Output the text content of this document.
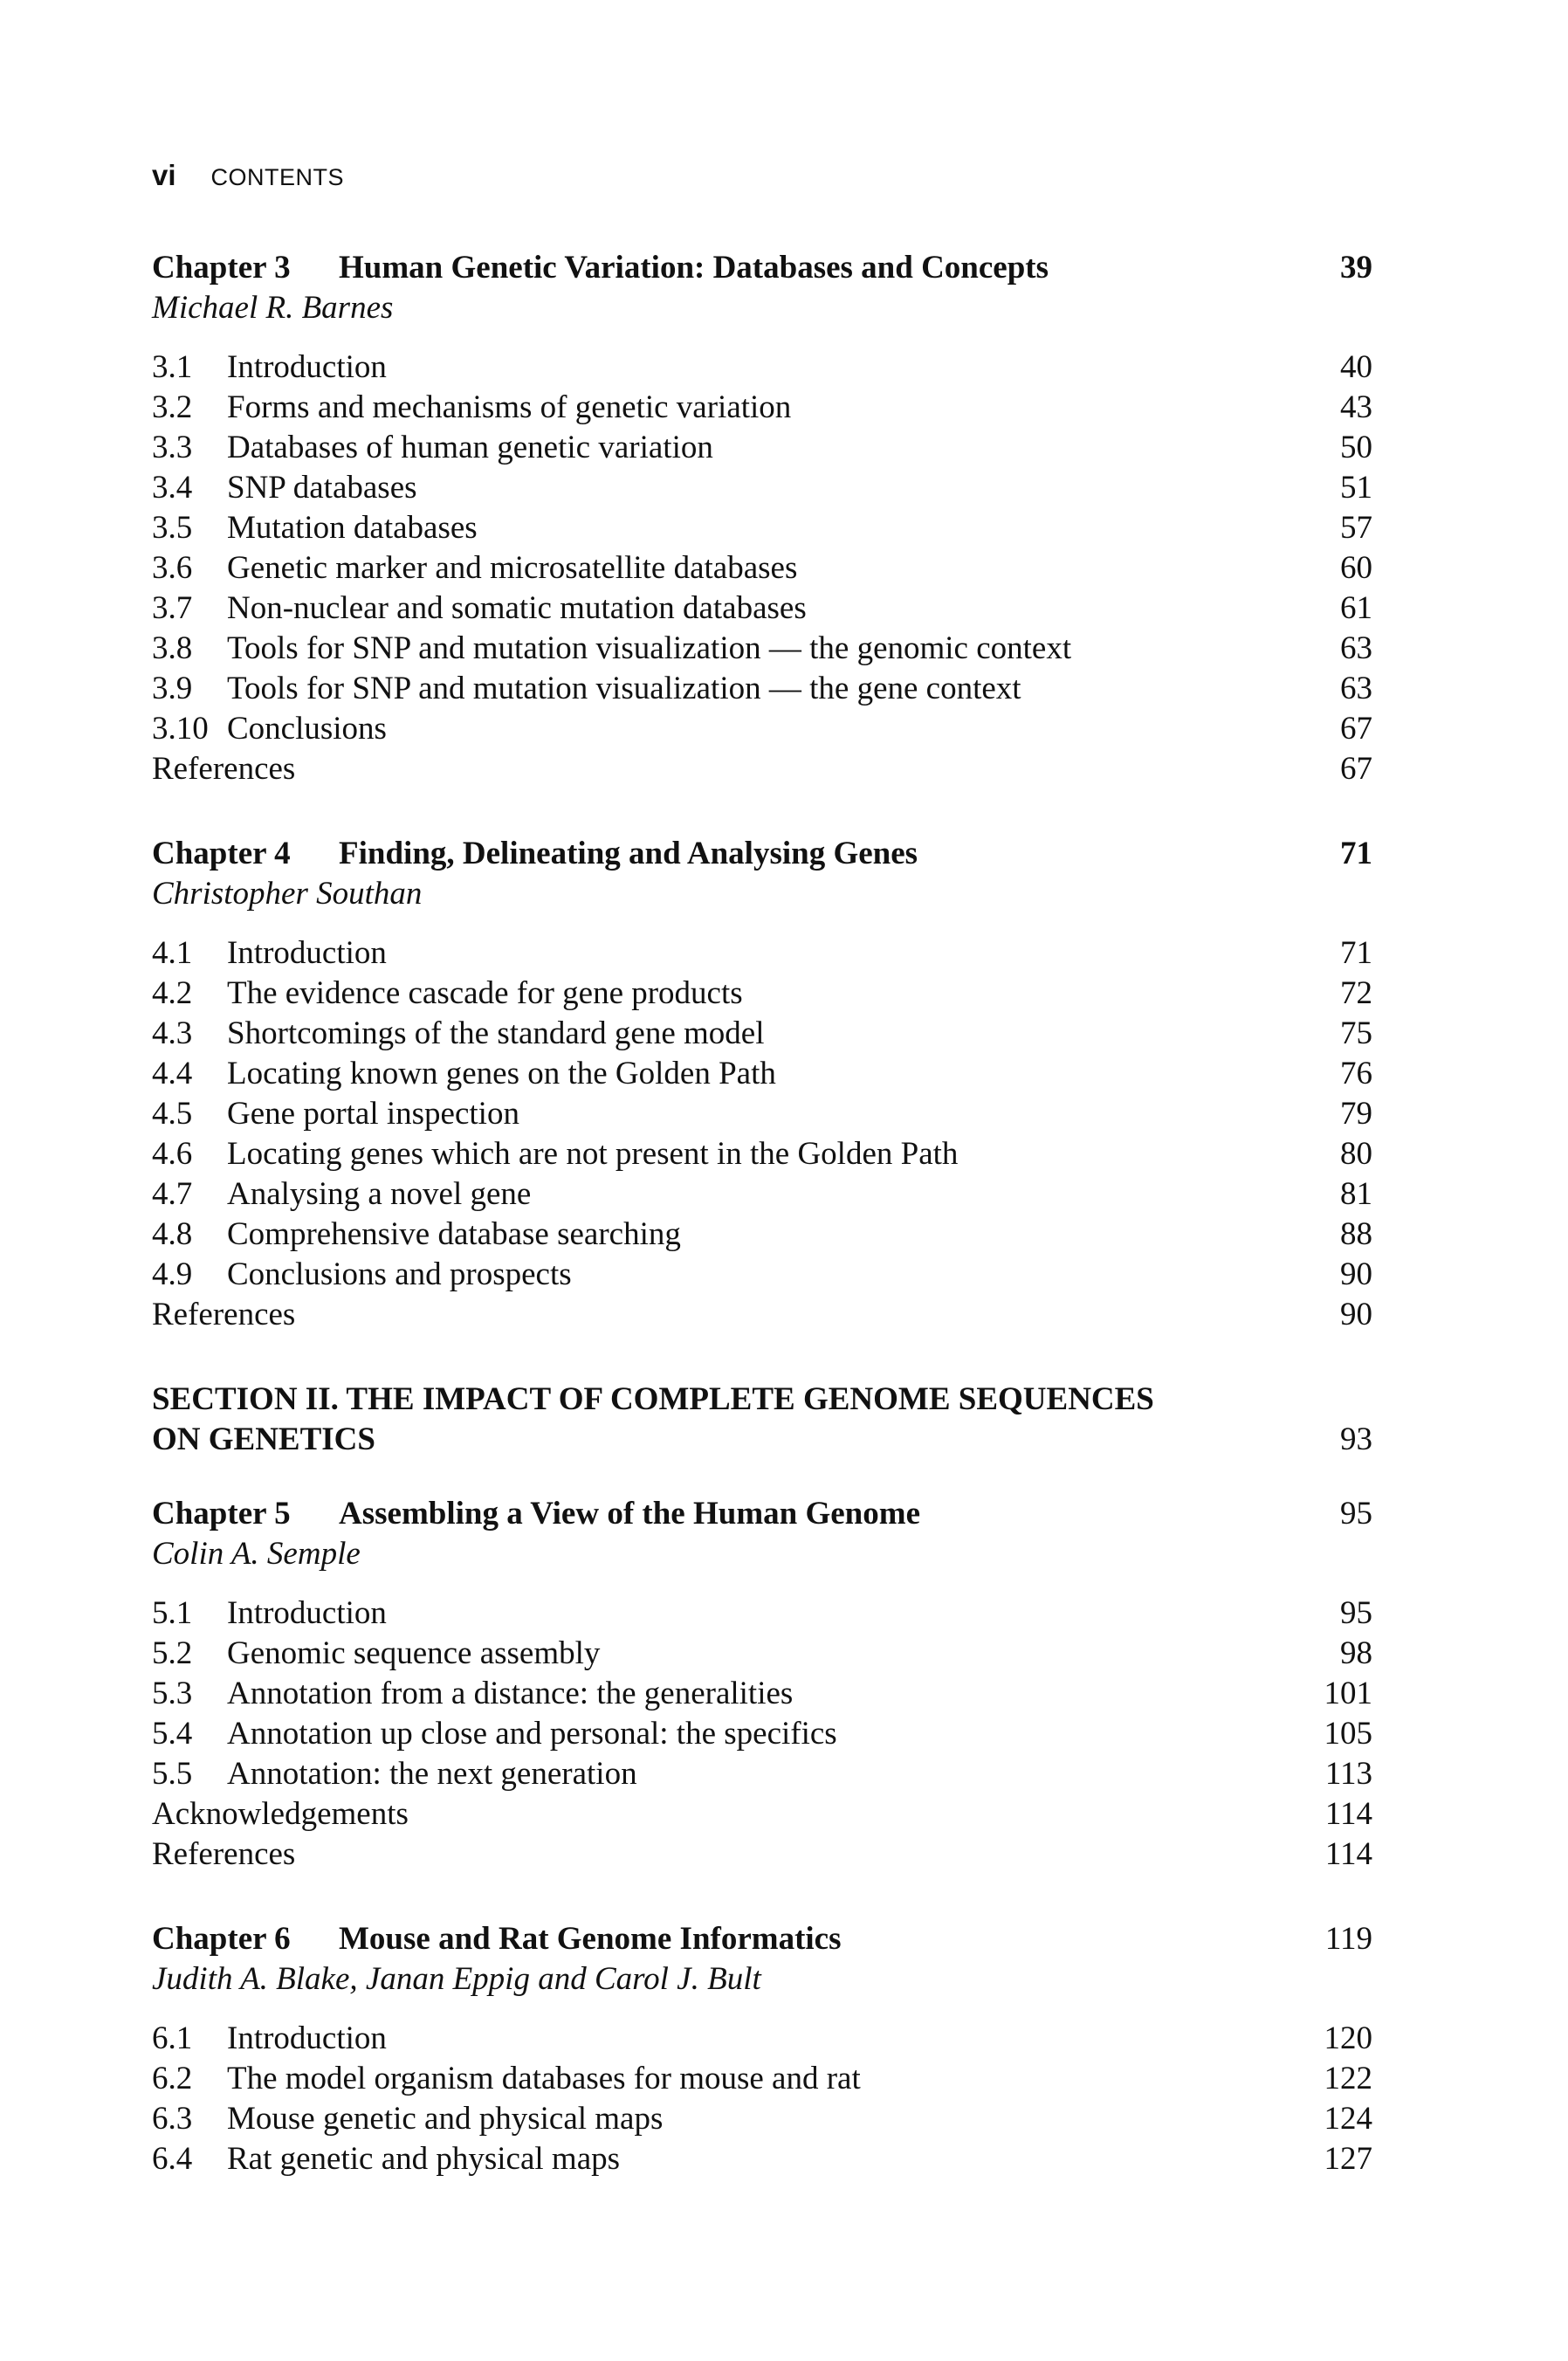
vi CONTENTS
Chapter 3 Human Genetic Variation: Databases and Concepts	39
Michael R. Barnes
3.1 Introduction	40
3.2 Forms and mechanisms of genetic variation	43
3.3 Databases of human genetic variation	50
3.4 SNP databases	51
3.5 Mutation databases	57
3.6 Genetic marker and microsatellite databases	60
3.7 Non-nuclear and somatic mutation databases	61
3.8 Tools for SNP and mutation visualization — the genomic context	63
3.9 Tools for SNP and mutation visualization — the gene context	63
3.10 Conclusions	67
References	67
Chapter 4 Finding, Delineating and Analysing Genes	71
Christopher Southan
4.1 Introduction	71
4.2 The evidence cascade for gene products	72
4.3 Shortcomings of the standard gene model	75
4.4 Locating known genes on the Golden Path	76
4.5 Gene portal inspection	79
4.6 Locating genes which are not present in the Golden Path	80
4.7 Analysing a novel gene	81
4.8 Comprehensive database searching	88
4.9 Conclusions and prospects	90
References	90
SECTION II. THE IMPACT OF COMPLETE GENOME SEQUENCES
ON GENETICS	93
Chapter 5 Assembling a View of the Human Genome	95
Colin A. Semple
5.1 Introduction	95
5.2 Genomic sequence assembly	98
5.3 Annotation from a distance: the generalities	101
5.4 Annotation up close and personal: the specifics	105
5.5 Annotation: the next generation	113
Acknowledgements	114
References	114
Chapter 6 Mouse and Rat Genome Informatics	119
Judith A. Blake, Janan Eppig and Carol J. Bult
6.1 Introduction	120
6.2 The model organism databases for mouse and rat	122
6.3 Mouse genetic and physical maps	124
6.4 Rat genetic and physical maps	127
